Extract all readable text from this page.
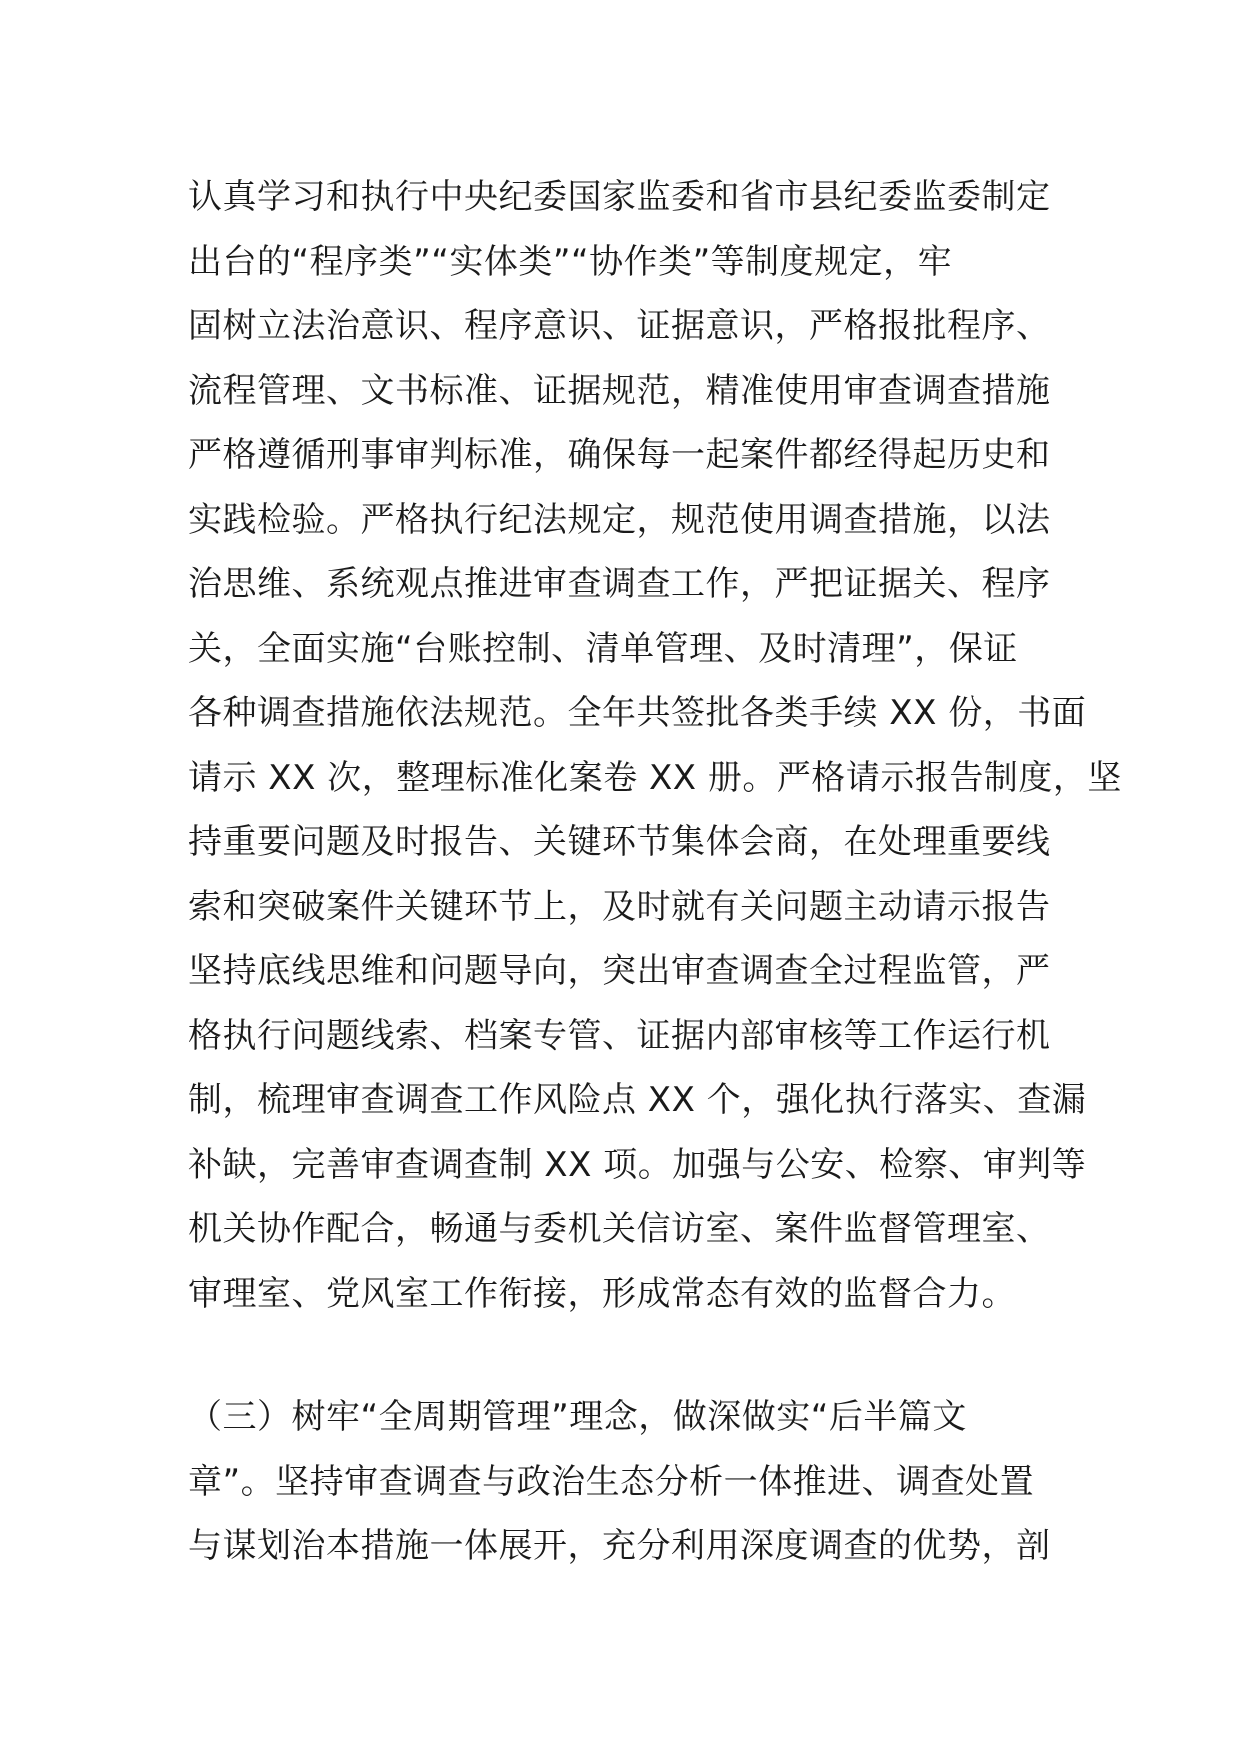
认真学习和执行中央纪委国家监委和省市县纪委监委制定
出台的“程序类”“实体类”“协作类”等制度规定，牢
固树立法治意识、程序意识、证据意识，严格报批程序、
流程管理、文书标准、证据规范，精准使用审查调查措施
严格遵循刑事审判标准，确保每一起案件都经得起历史和
实践检验。严格执行纪法规定，规范使用调查措施，以法
治思维、系统观点推进审查调查工作，严把证据关、程序
关，全面实施“台账控制、清单管理、及时清理”，保证
各种调查措施依法规范。全年共签批各类手续 XX 份，书面
请示 XX 次，整理标准化案卷 XX 册。严格请示报告制度，坚
持重要问题及时报告、关键环节集体会商，在处理重要线
索和突破案件关键环节上，及时就有关问题主动请示报告
坚持底线思维和问题导向，突出审查调查全过程监管，严
格执行问题线索、档案专管、证据内部审核等工作运行机
制，梳理审查调查工作风险点 XX 个，强化执行落实、查漏
补缺，完善审查调查制 XX 项。加强与公安、检察、审判等
机关协作配合，畅通与委机关信访室、案件监督管理室、
审理室、党风室工作衔接，形成常态有效的监督合力。
（三）树牢“全周期管理”理念，做深做实“后半篇文
章”。坚持审查调查与政治生态分析一体推进、调查处置
与谋划治本措施一体展开，充分利用深度调查的优势，剖
